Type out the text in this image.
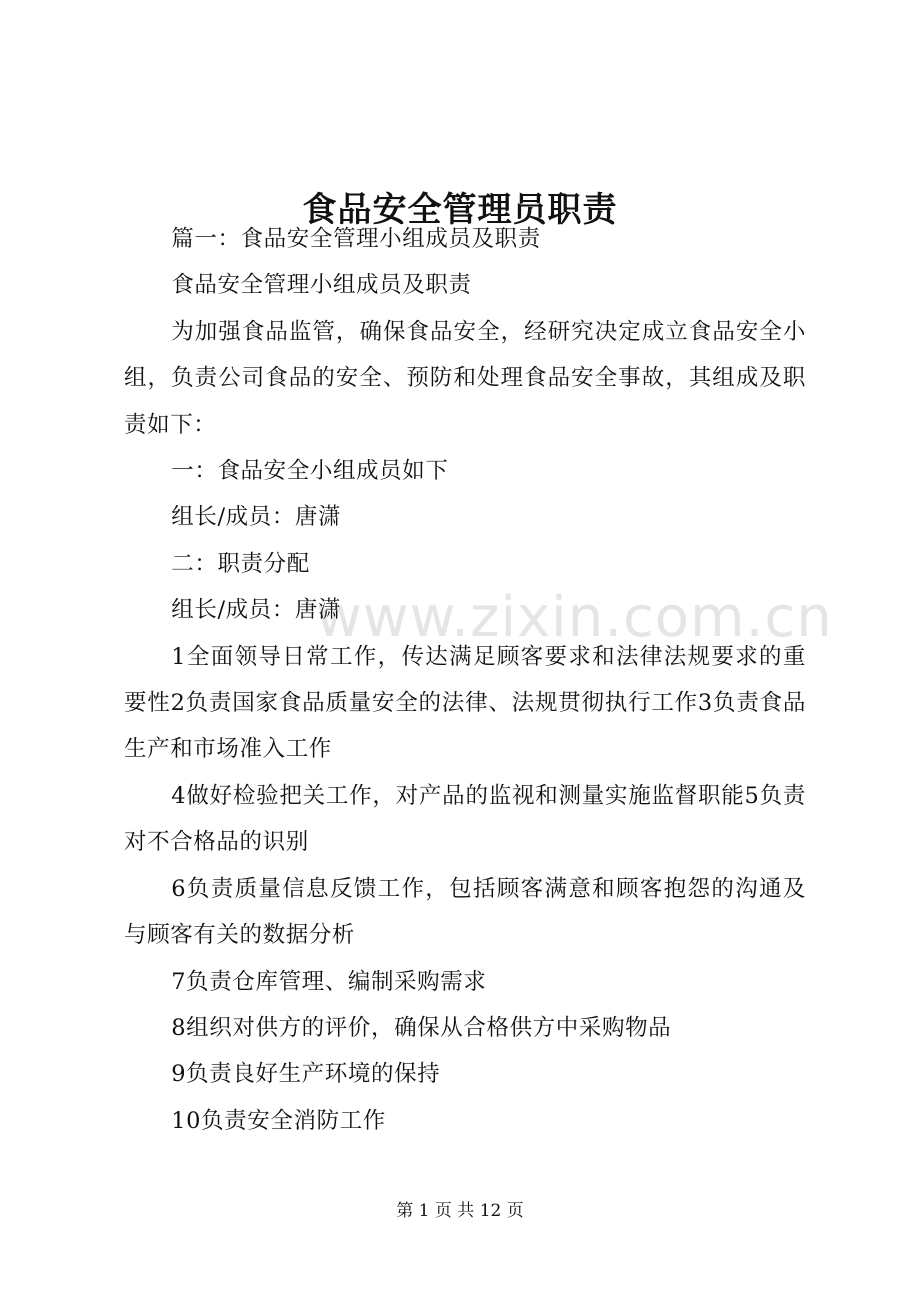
食品安全管理员职责
www.zixin.com.cn

篇一：食品安全管理小组成员及职责

食品安全管理小组成员及职责

为加强食品监管，确保食品安全，经研究决定成立食品安全小组，负责公司食品的安全、预防和处理食品安全事故，其组成及职责如下：

一：食品安全小组成员如下

组长/成员：唐潇

二：职责分配

组长/成员：唐潇

1全面领导日常工作，传达满足顾客要求和法律法规要求的重要性2负责国家食品质量安全的法律、法规贯彻执行工作3负责食品生产和市场准入工作

4做好检验把关工作，对产品的监视和测量实施监督职能5负责对不合格品的识别

6负责质量信息反馈工作，包括顾客满意和顾客抱怨的沟通及与顾客有关的数据分析

7负责仓库管理、编制采购需求

8组织对供方的评价，确保从合格供方中采购物品

9负责良好生产环境的保持

10负责安全消防工作

第 1 页 共 12 页
